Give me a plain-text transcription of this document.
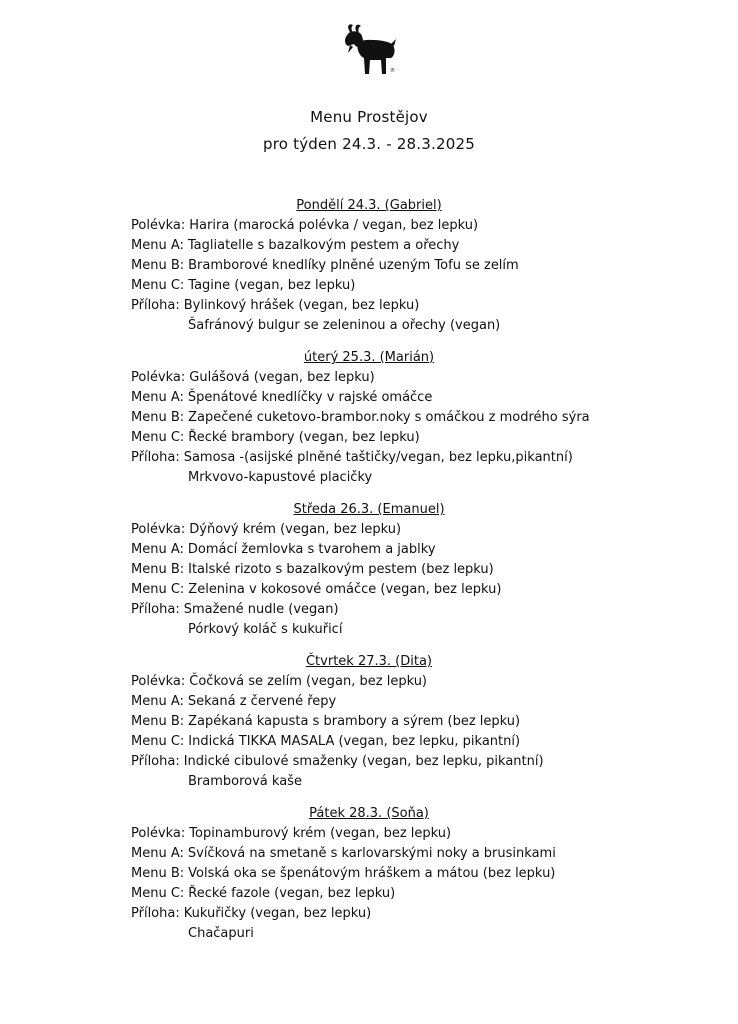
®
Menu Prostějov
pro týden 24.3. - 28.3.2025
Pondělí 24.3. (Gabriel)
Polévka: Harira (marocká polévka / vegan, bez lepku)
Menu A: Tagliatelle s bazalkovým pestem a ořechy
Menu B: Bramborové knedlíky plněné uzeným Tofu se zelím
Menu C: Tagine (vegan, bez lepku)
Příloha: Bylinkový hrášek (vegan, bez lepku)
Šafránový bulgur se zeleninou a ořechy (vegan)
úterý 25.3. (Marián)
Polévka: Gulášová (vegan, bez lepku)
Menu A: Špenátové knedlíčky v rajské omáčce
Menu B: Zapečené cuketovo-brambor.noky s omáčkou z modrého sýra
Menu C: Řecké brambory (vegan, bez lepku)
Příloha: Samosa -(asijské plněné taštičky/vegan, bez lepku,pikantní)
Mrkvovo-kapustové placičky
Středa 26.3. (Emanuel)
Polévka: Dýňový krém (vegan, bez lepku)
Menu A: Domácí žemlovka s tvarohem a jablky
Menu B: Italské rizoto s bazalkovým pestem (bez lepku)
Menu C: Zelenina v kokosové omáčce (vegan, bez lepku)
Příloha: Smažené nudle (vegan)
Pórkový koláč s kukuřicí
Čtvrtek 27.3. (Dita)
Polévka: Čočková se zelím (vegan, bez lepku)
Menu A: Sekaná z červené řepy
Menu B: Zapékaná kapusta s brambory a sýrem (bez lepku)
Menu C: Indická TIKKA MASALA (vegan, bez lepku, pikantní)
Příloha: Indické cibulové smaženky (vegan, bez lepku, pikantní)
Bramborová kaše
Pátek 28.3. (Soňa)
Polévka: Topinamburový krém (vegan, bez lepku)
Menu A: Svíčková na smetaně s karlovarskými noky a brusinkami
Menu B: Volská oka se špenátovým hráškem a mátou (bez lepku)
Menu C: Řecké fazole (vegan, bez lepku)
Příloha: Kukuřičky (vegan, bez lepku)
Chačapuri
